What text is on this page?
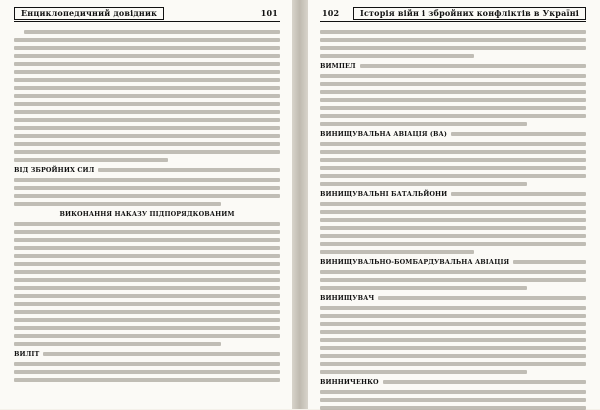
Енциклопедичний довідник	101
ВІД ЗБРОЙНИХ СИЛ
ВИКОНАННЯ НАКАЗУ ПІДПОРЯДКОВАНИМ
ВИЛІТ
102	Історія війн і збройних конфліктів в Україні
ВИМПЕЛ
ВИНИЩУВАЛЬНА АВІАЦІЯ (ВА)
ВИНИЩУВАЛЬНІ БАТАЛЬЙОНИ
ВИНИЩУВАЛЬНО-БОМБАРДУВАЛЬНА АВІАЦІЯ
ВИНИЩУВАЧ
ВИННИЧЕНКО
